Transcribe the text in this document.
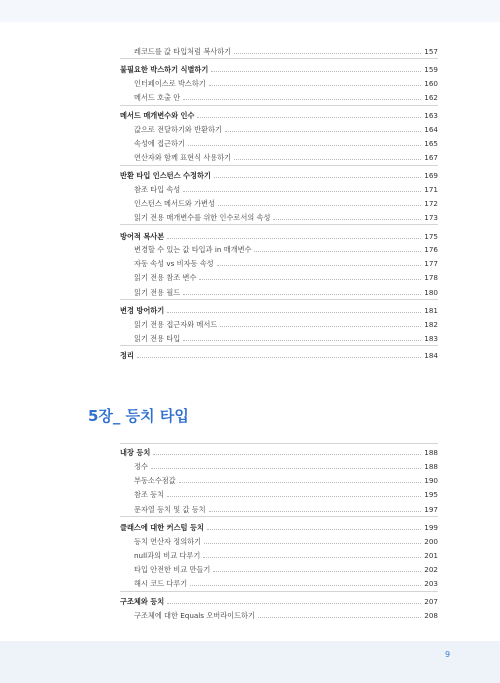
레코드를 값 타입처럼 복사하기	157
불필요한 박스하기 식별하기	159
인터페이스로 박스하기	160
메서드 호출 안	162
메서드 매개변수와 인수	163
값으로 전달하기와 반환하기	164
속성에 접근하기	165
연산자와 함께 표현식 사용하기	167
반환 타입 인스턴스 수정하기	169
참조 타입 속성	171
인스턴스 메서드와 가변성	172
읽기 전용 매개변수를 위한 인수로서의 속성	173
방어적 복사본	175
변경할 수 있는 값 타입과 in 매개변수	176
자동 속성 vs 비자동 속성	177
읽기 전용 참조 변수	178
읽기 전용 필드	180
변경 방어하기	181
읽기 전용 접근자와 메서드	182
읽기 전용 타입	183
정리	184
내장 등치	188
정수	188
부동소수점값	190
참조 등치	195
문자열 등치 및 값 등치	197
클래스에 대한 커스텀 등치	199
등치 연산자 정의하기	200
null과의 비교 다루기	201
타입 안전한 비교 만들기	202
해시 코드 다루기	203
구조체와 등치	207
구조체에 대한 Equals 오버라이드하기	208
5장_ 등치 타입
9
